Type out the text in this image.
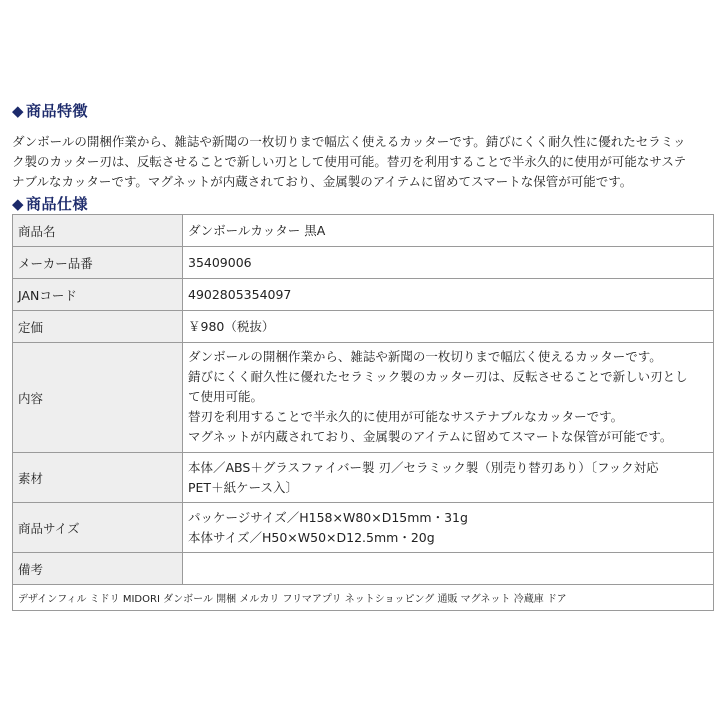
◆ 商品特徴
ダンボールの開梱作業から、雑誌や新聞の一枚切りまで幅広く使えるカッターです。錆びにくく耐久性に優れたセラミッ
ク製のカッター刃は、反転させることで新しい刃として使用可能。替刃を利用することで半永久的に使用が可能なサステ
ナブルなカッターです。マグネットが内蔵されており、金属製のアイテムに留めてスマートな保管が可能です。
◆ 商品仕様
商品名	ダンボールカッター 黒A

メーカー品番	35409006

JANコード	4902805354097

定価	￥980（税抜）

内容	ダンボールの開梱作業から、雑誌や新聞の一枚切りまで幅広く使えるカッターです。
錆びにくく耐久性に優れたセラミック製のカッター刃は、反転させることで新しい刃とし
て使用可能。
替刃を利用することで半永久的に使用が可能なサステナブルなカッターです。
マグネットが内蔵されており、金属製のアイテムに留めてスマートな保管が可能です。

素材	本体／ABS＋グラスファイバー製 刃／セラミック製（別売り替刃あり）〔フック対応
PET＋紙ケース入〕

商品サイズ	パッケージサイズ／H158×W80×D15mm・31g
本体サイズ／H50×W50×D12.5mm・20g

備考	
デザインフィル ミドリ MIDORI ダンボール 開梱 メルカリ フリマアプリ ネットショッピング 通販 マグネット 冷蔵庫 ドア	
